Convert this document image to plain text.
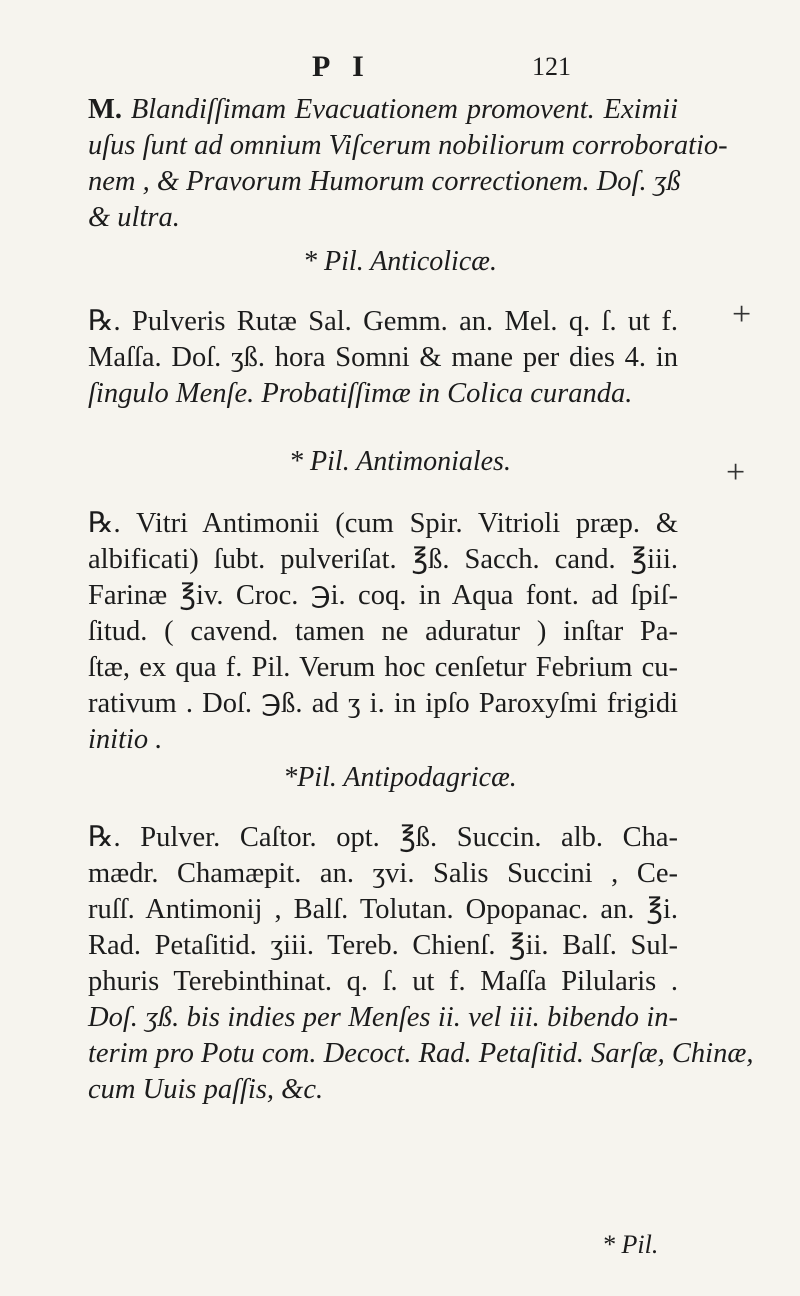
P I	121
M. Blandiſſimam Evacuationem promovent. Eximii
uſus ſunt ad omnium Viſcerum nobiliorum corroboratio-
nem , & Pravorum Humorum correctionem. Doſ. ʒß
& ultra.
* Pil. Anticolicæ.
℞. Pulveris Rutæ Sal. Gemm. an. Mel. q. ſ. ut f.
Maſſa. Doſ. ʒß. hora Somni & mane per dies 4. in
ſingulo Menſe. Probatiſſimæ in Colica curanda.
+
* Pil. Antimoniales.
℞. Vitri Antimonii (cum Spir. Vitrioli præp. &
albificati) ſubt. pulveriſat. ℥ß. Sacch. cand. ℥iii.
Farinæ ℥iv. Croc. ℈i. coq. in Aqua font. ad ſpiſ-
ſitud. ( cavend. tamen ne aduratur ) inſtar Pa-
ſtæ, ex qua f. Pil. Verum hoc cenſetur Febrium cu-
rativum . Doſ. ℈ß. ad ʒ i. in ipſo Paroxyſmi frigidi
initio .
+
*Pil. Antipodagricæ.
℞. Pulver. Caſtor. opt. ℥ß. Succin. alb. Cha-
mædr. Chamæpit. an. ʒvi. Salis Succini , Ce-
ruſſ. Antimonij , Balſ. Tolutan. Opopanac. an. ℥i.
Rad. Petaſitid. ʒiii. Tereb. Chienſ. ℥ii. Balſ. Sul-
phuris Terebinthinat. q. ſ. ut f. Maſſa Pilularis .
Doſ. ʒß. bis indies per Menſes ii. vel iii. bibendo in-
terim pro Potu com. Decoct. Rad. Petaſitid. Sarſæ, Chinæ,
cum Uuis paſſis, &c.
* Pil.
